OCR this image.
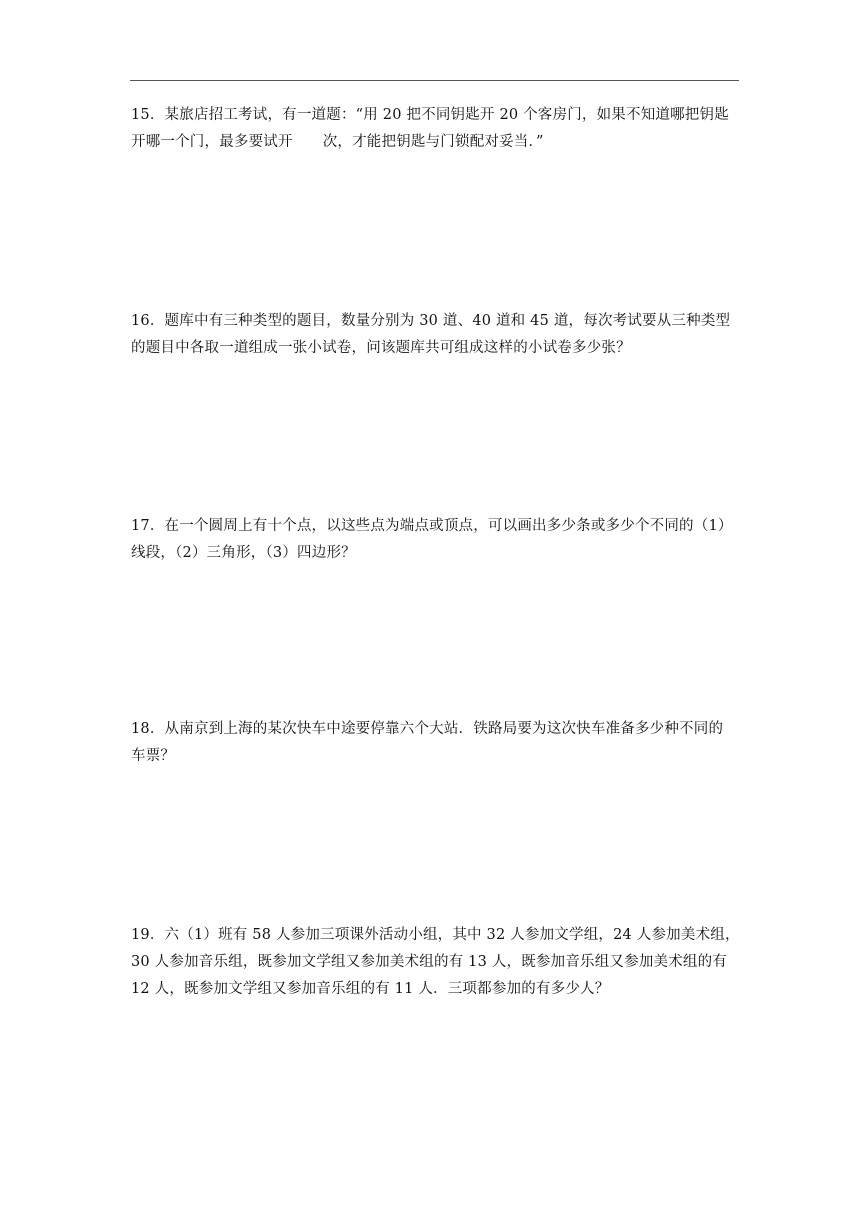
15．某旅店招工考试，有一道题：“用 20 把不同钥匙开 20 个客房门，如果不知道哪把钥匙
开哪一个门，最多要试开 次，才能把钥匙与门锁配对妥当．”
16．题库中有三种类型的题目，数量分别为 30 道、40 道和 45 道，每次考试要从三种类型
的题目中各取一道组成一张小试卷，问该题库共可组成这样的小试卷多少张？
17．在一个圆周上有十个点，以这些点为端点或顶点，可以画出多少条或多少个不同的（1）
线段，（2）三角形，（3）四边形？
18．从南京到上海的某次快车中途要停靠六个大站．铁路局要为这次快车准备多少种不同的
车票？
19．六（1）班有 58 人参加三项课外活动小组，其中 32 人参加文学组，24 人参加美术组，
30 人参加音乐组，既参加文学组又参加美术组的有 13 人，既参加音乐组又参加美术组的有
12 人，既参加文学组又参加音乐组的有 11 人．三项都参加的有多少人？
